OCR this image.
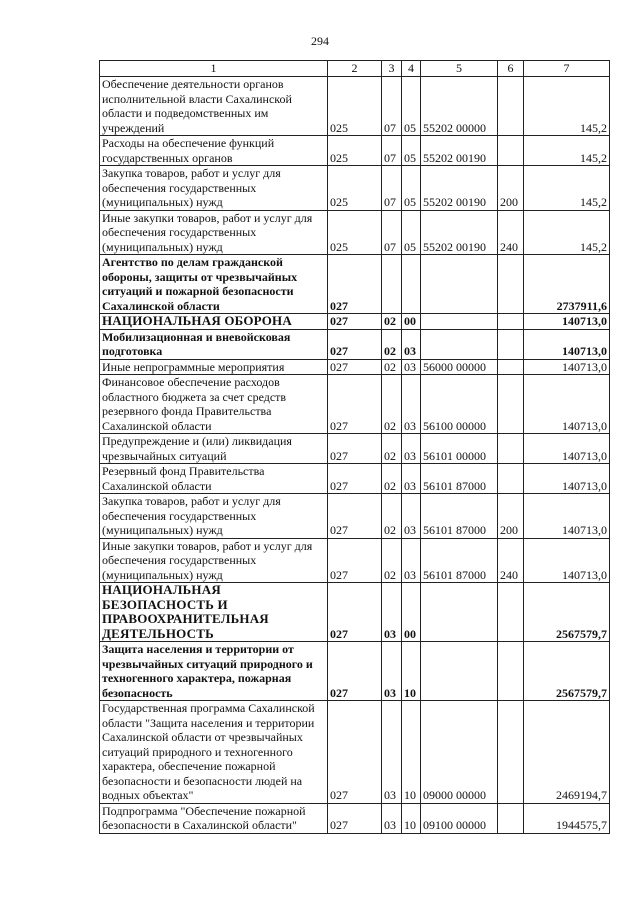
294
1	2	3	4	5	6	7
Обеспечение деятельности органов исполнительной власти Сахалинской области и подведомственных им учреждений	025	07	05	55202 00000		145,2
Расходы на обеспечение функций государственных органов	025	07	05	55202 00190		145,2
Закупка товаров, работ и услуг для обеспечения государственных (муниципальных) нужд	025	07	05	55202 00190	200	145,2
Иные закупки товаров, работ и услуг для обеспечения государственных (муниципальных) нужд	025	07	05	55202 00190	240	145,2
Агентство по делам гражданской обороны, защиты от чрезвычайных ситуаций и пожарной безопасности Сахалинской области	027					2737911,6
НАЦИОНАЛЬНАЯ ОБОРОНА	027	02	00			140713,0
Мобилизационная и вневойсковая подготовка	027	02	03			140713,0
Иные непрограммные мероприятия	027	02	03	56000 00000		140713,0
Финансовое обеспечение расходов областного бюджета за счет средств резервного фонда Правительства Сахалинской области	027	02	03	56100 00000		140713,0
Предупреждение и (или) ликвидация чрезвычайных ситуаций	027	02	03	56101 00000		140713,0
Резервный фонд Правительства Сахалинской области	027	02	03	56101 87000		140713,0
Закупка товаров, работ и услуг для обеспечения государственных (муниципальных) нужд	027	02	03	56101 87000	200	140713,0
Иные закупки товаров, работ и услуг для обеспечения государственных (муниципальных) нужд	027	02	03	56101 87000	240	140713,0
НАЦИОНАЛЬНАЯ БЕЗОПАСНОСТЬ И ПРАВООХРАНИТЕЛЬНАЯ ДЕЯТЕЛЬНОСТЬ	027	03	00			2567579,7
Защита населения и территории от чрезвычайных ситуаций природного и техногенного характера, пожарная безопасность	027	03	10			2567579,7
Государственная программа Сахалинской области "Защита населения и территории Сахалинской области от чрезвычайных ситуаций природного и техногенного характера, обеспечение пожарной безопасности и безопасности людей на водных объектах"	027	03	10	09000 00000		2469194,7
Подпрограмма "Обеспечение пожарной безопасности в Сахалинской области"	027	03	10	09100 00000		1944575,7
